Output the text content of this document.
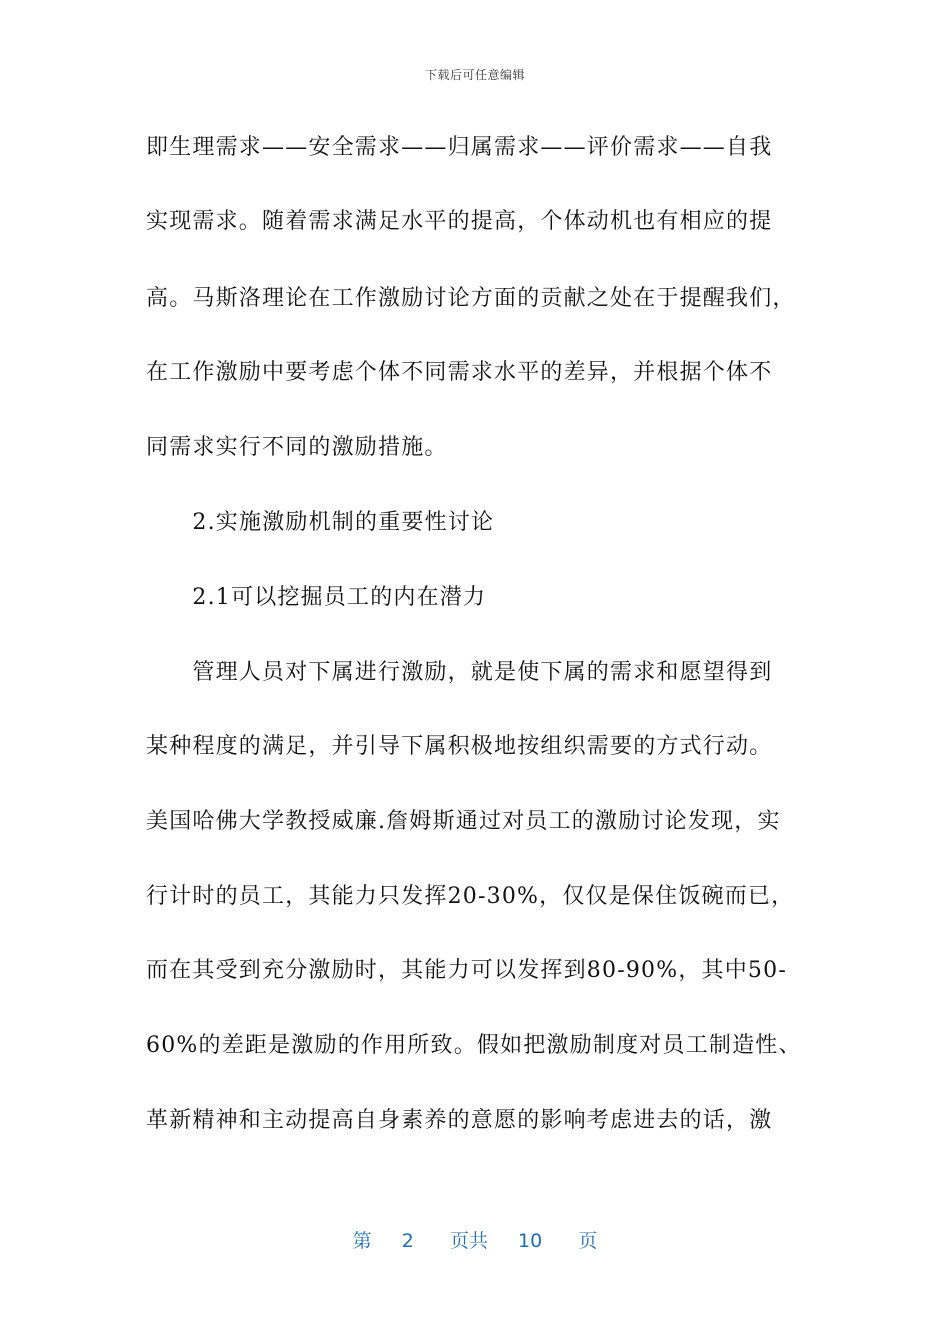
下载后可任意编辑
即生理需求——安全需求——归属需求——评价需求——自我
实现需求。随着需求满足水平的提高，个体动机也有相应的提
高。马斯洛理论在工作激励讨论方面的贡献之处在于提醒我们，
在工作激励中要考虑个体不同需求水平的差异，并根据个体不
同需求实行不同的激励措施。
　　2.实施激励机制的重要性讨论
　　2.1可以挖掘员工的内在潜力
　　管理人员对下属进行激励，就是使下属的需求和愿望得到
某种程度的满足，并引导下属积极地按组织需要的方式行动。
美国哈佛大学教授威廉.詹姆斯通过对员工的激励讨论发现，实
行计时的员工，其能力只发挥20-30%，仅仅是保住饭碗而已，
而在其受到充分激励时，其能力可以发挥到80-90%，其中50-
60%的差距是激励的作用所致。假如把激励制度对员工制造性、
革新精神和主动提高自身素养的意愿的影响考虑进去的话，激
第 2 页共 10 页
